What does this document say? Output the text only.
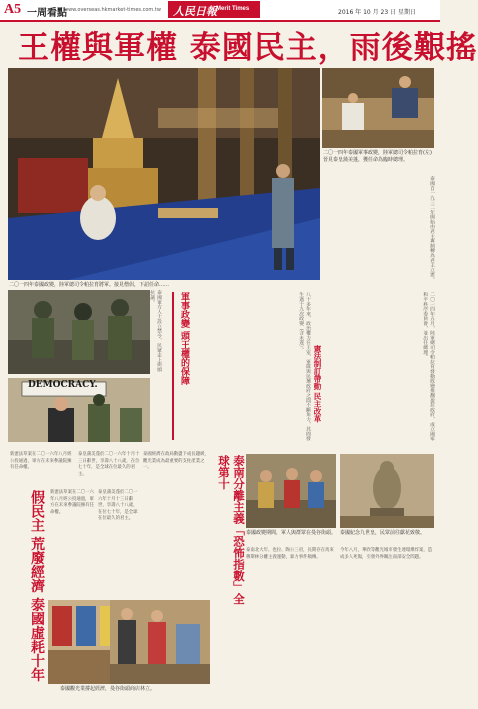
A5 一周看點
www.overseas.hkmarket-times.com.tw 人民日報 Merit Times	2016 年 10 月 23 日 星期日
王權與軍權 泰國民主，雨後艱搖
二〇一四年泰國軍事政變，陸軍總司令帕拉育(左)晉見泰皇蒲美蓬，獲任命為臨時總理。
泰國自一九三二年開始由君主專制轉為君主立憲。
二〇一四年泰國政變，陸軍總司令帕拉育將軍。接見僧侶，下詔任命……
泰國軍方人士設立禁令，民眾走上街頭抗議。
DEMOCRACY.	軍事政變 頭王權的保障	八十多年來，政治權力在王室、軍隊與民選政府之間不斷角力，其間發生過十九次政變（含未遂）。
憲法制訂帶動 民主改革	二〇一四年五月，陸軍總司令帕拉育發動政變推翻盈拉政府，成立國家和平秩序委員會，並出任總理。
新憲法草案在二〇一六年八月經公投通過，軍方在未來參議院擁有任命權。
泰皇蒲美蓬於二〇一六年十月十三日辭世，享壽八十八歲，在位七十年，是全球在位最久的君主。
泰國經濟在政局動盪下成長趨緩，觀光業成為最重要的支柱產業之一。
假民主 荒廢經濟 泰國虛耗十年 新憲法草案在二〇一六年八月經公投通過，軍方在未來參議院擁有任命權。
泰皇蒲美蓬於二〇一六年十月十三日辭世，享壽八十八歲，在位七十年，是全球在位最久的君主。
泰國觀光業撐起經濟，曼谷街頭商店林立。
泰南分離主義「恐怖指數」全球第十
泰國政變期間，軍人與群眾在曼谷街頭。 泰國紀念九世皇，民眾前往獻花致敬。
泰南北大年、也拉、陶公三府，長期存在馬來穆斯林分離主義運動，暴力事件頻傳。
今年八月，華欣等觀光城市發生連環爆炸案，造成多人死傷，引發外界關注南部安全問題。
